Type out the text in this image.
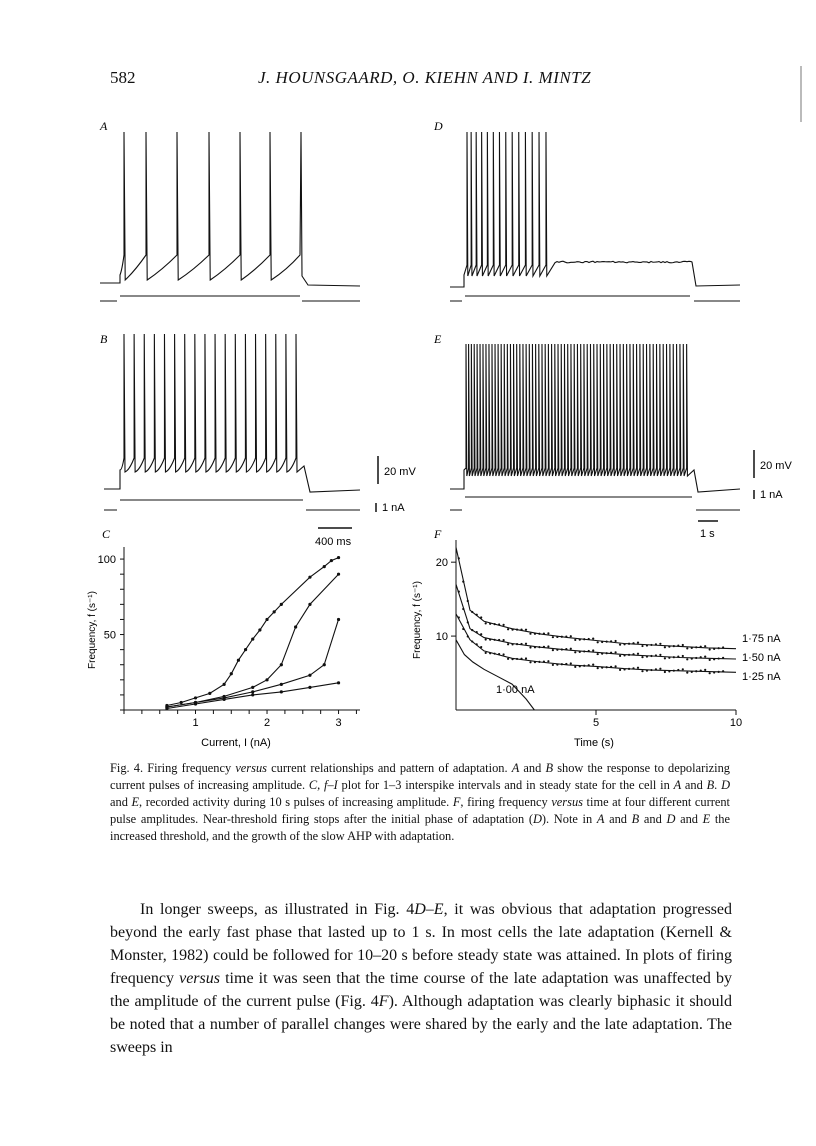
582	J. HOUNSGAARD, O. KIEHN AND I. MINTZ
1	2	3
50
100
5	10
10
20
A
B
C
D
E
F
20 mV
1 nA
400 ms
20 mV
1 nA
1 s
Frequency, f (s⁻¹)
Current, I (nA)
Frequency, f (s⁻¹)
Time (s)
1·75 nA
1·50 nA
1·25 nA
1·00 nA
Fig. 4. Firing frequency versus current relationships and pattern of adaptation. A and B show the response to depolarizing current pulses of increasing amplitude. C, f–I plot for 1–3 interspike intervals and in steady state for the cell in A and B. D and E, recorded activity during 10 s pulses of increasing amplitude. F, firing frequency versus time at four different current pulse amplitudes. Near-threshold firing stops after the initial phase of adaptation (D). Note in A and B and D and E the increased threshold, and the growth of the slow AHP with adaptation.
In longer sweeps, as illustrated in Fig. 4D–E, it was obvious that adaptation progressed beyond the early fast phase that lasted up to 1 s. In most cells the late adaptation (Kernell & Monster, 1982) could be followed for 10–20 s before steady state was attained. In plots of firing frequency versus time it was seen that the time course of the late adaptation was unaffected by the amplitude of the current pulse (Fig. 4F). Although adaptation was clearly biphasic it should be noted that a number of parallel changes were shared by the early and the late adaptation. The sweeps in
